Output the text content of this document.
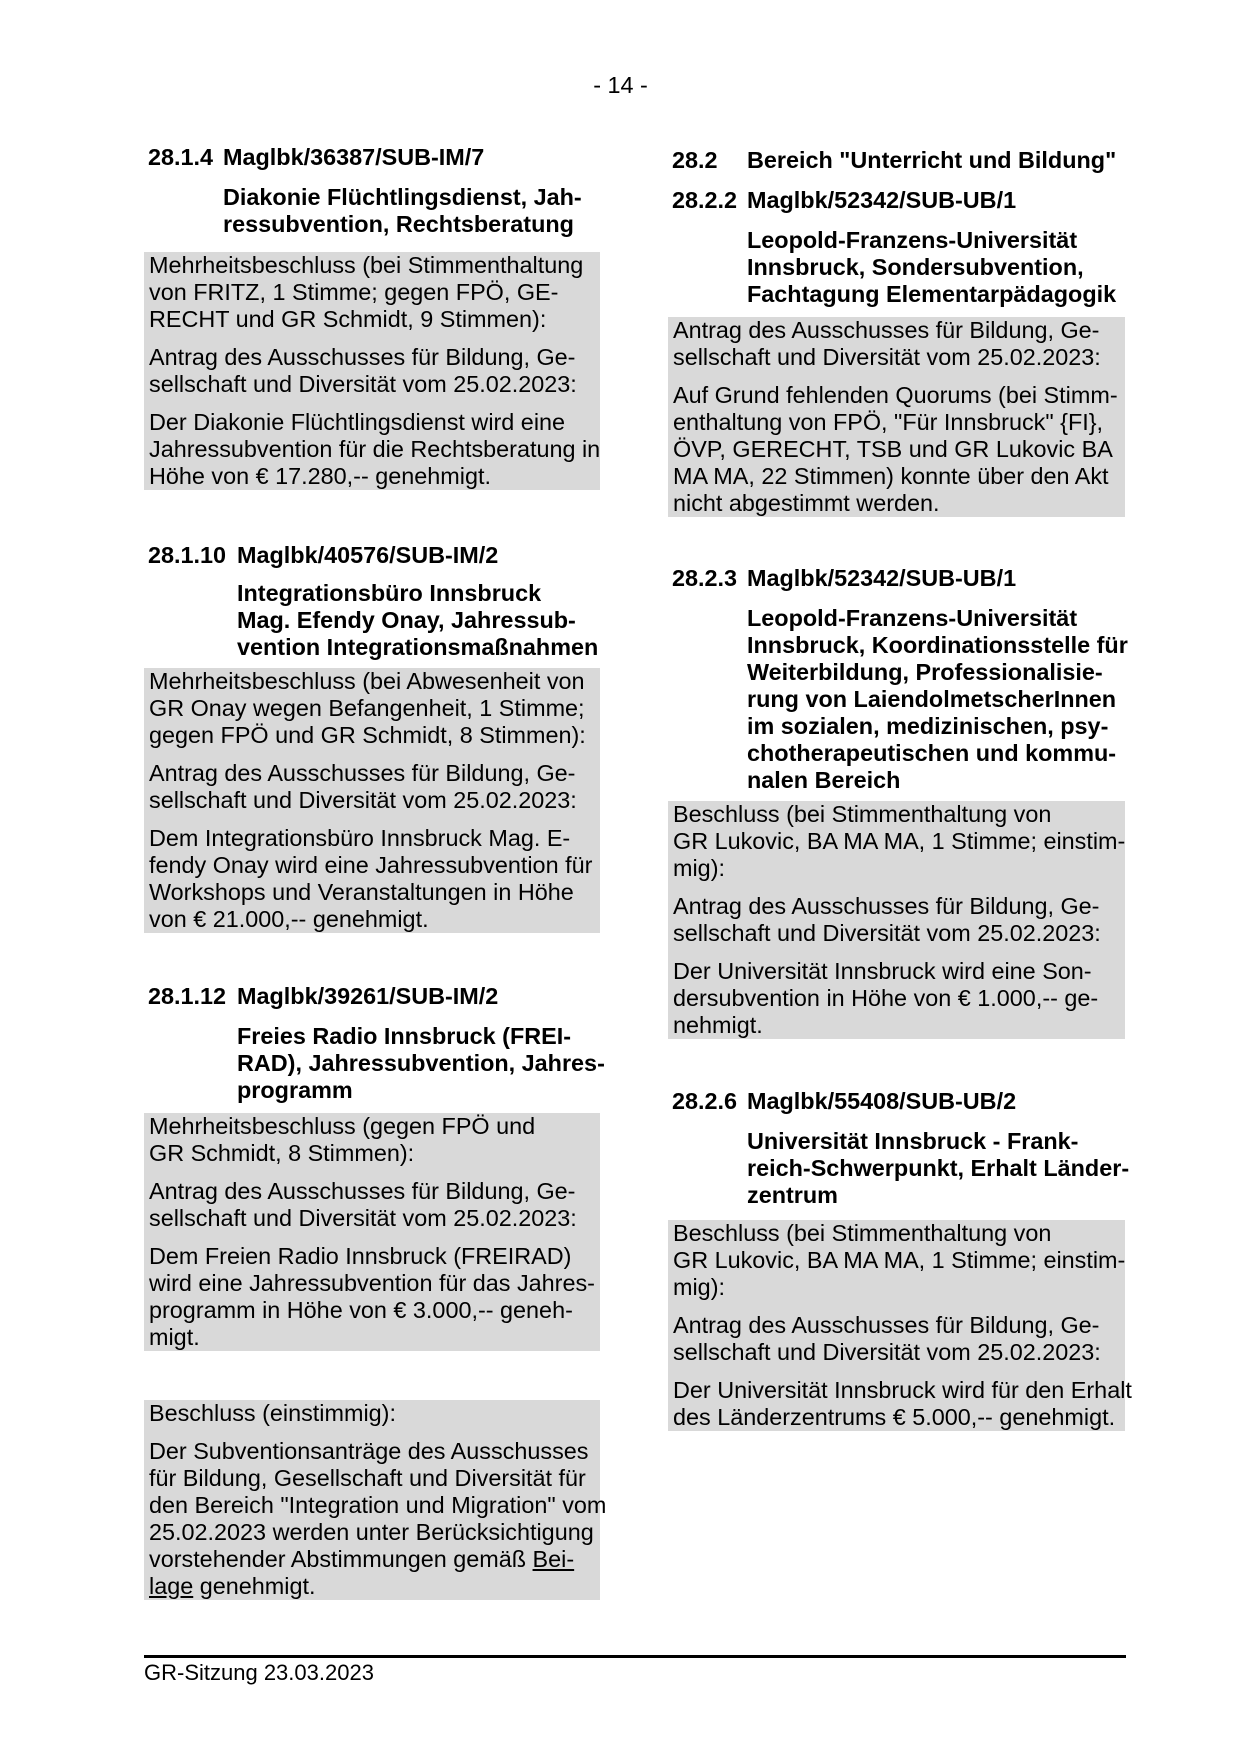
- 14 -
28.1.4 Maglbk/36387/SUB-IM/7
Diakonie Flüchtlingsdienst, Jah-
ressubvention, Rechtsberatung
Mehrheitsbeschluss (bei Stimmenthaltung
von FRITZ, 1 Stimme; gegen FPÖ, GE-
RECHT und GR Schmidt, 9 Stimmen):
Antrag des Ausschusses für Bildung, Ge-
sellschaft und Diversität vom 25.02.2023:
Der Diakonie Flüchtlingsdienst wird eine
Jahressubvention für die Rechtsberatung in
Höhe von € 17.280,-- genehmigt.
28.1.10 Maglbk/40576/SUB-IM/2
Integrationsbüro Innsbruck
Mag. Efendy Onay, Jahressub-
vention Integrationsmaßnahmen
Mehrheitsbeschluss (bei Abwesenheit von
GR Onay wegen Befangenheit, 1 Stimme;
gegen FPÖ und GR Schmidt, 8 Stimmen):
Antrag des Ausschusses für Bildung, Ge-
sellschaft und Diversität vom 25.02.2023:
Dem Integrationsbüro Innsbruck Mag. E-
fendy Onay wird eine Jahressubvention für
Workshops und Veranstaltungen in Höhe
von € 21.000,-- genehmigt.
28.1.12 Maglbk/39261/SUB-IM/2
Freies Radio Innsbruck (FREI-
RAD), Jahressubvention, Jahres-
programm
Mehrheitsbeschluss (gegen FPÖ und
GR Schmidt, 8 Stimmen):
Antrag des Ausschusses für Bildung, Ge-
sellschaft und Diversität vom 25.02.2023:
Dem Freien Radio Innsbruck (FREIRAD)
wird eine Jahressubvention für das Jahres-
programm in Höhe von € 3.000,-- geneh-
migt.
Beschluss (einstimmig):
Der Subventionsanträge des Ausschusses
für Bildung, Gesellschaft und Diversität für
den Bereich "Integration und Migration" vom
25.02.2023 werden unter Berücksichtigung
vorstehender Abstimmungen gemäß Bei-
lage genehmigt.
28.2	Bereich "Unterricht und Bildung"
28.2.2 Maglbk/52342/SUB-UB/1
Leopold-Franzens-Universität
Innsbruck, Sondersubvention,
Fachtagung Elementarpädagogik
Antrag des Ausschusses für Bildung, Ge-
sellschaft und Diversität vom 25.02.2023:
Auf Grund fehlenden Quorums (bei Stimm-
enthaltung von FPÖ, "Für Innsbruck" {FI},
ÖVP, GERECHT, TSB und GR Lukovic BA
MA MA, 22 Stimmen) konnte über den Akt
nicht abgestimmt werden.
28.2.3 Maglbk/52342/SUB-UB/1
Leopold-Franzens-Universität
Innsbruck, Koordinationsstelle für
Weiterbildung, Professionalisie-
rung von LaiendolmetscherInnen
im sozialen, medizinischen, psy-
chotherapeutischen und kommu-
nalen Bereich
Beschluss (bei Stimmenthaltung von
GR Lukovic, BA MA MA, 1 Stimme; einstim-
mig):
Antrag des Ausschusses für Bildung, Ge-
sellschaft und Diversität vom 25.02.2023:
Der Universität Innsbruck wird eine Son-
dersubvention in Höhe von € 1.000,-- ge-
nehmigt.
28.2.6 Maglbk/55408/SUB-UB/2
Universität Innsbruck - Frank-
reich-Schwerpunkt, Erhalt Länder-
zentrum
Beschluss (bei Stimmenthaltung von
GR Lukovic, BA MA MA, 1 Stimme; einstim-
mig):
Antrag des Ausschusses für Bildung, Ge-
sellschaft und Diversität vom 25.02.2023:
Der Universität Innsbruck wird für den Erhalt
des Länderzentrums € 5.000,-- genehmigt.
GR-Sitzung 23.03.2023
